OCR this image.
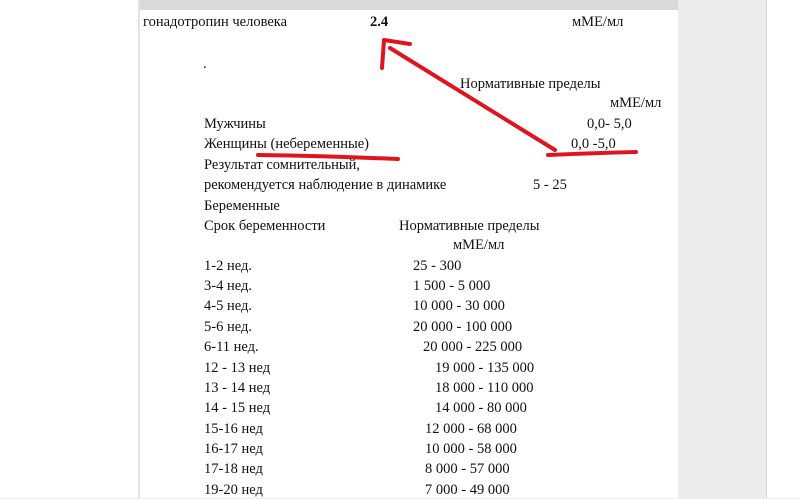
гонадотропин человека	2.4	мМЕ/мл
.
Нормативные пределы
мМЕ/мл
Мужчины	0,0- 5,0
Женщины (небеременные)	0,0 -5,0
Результат сомнительный,
рекомендуется наблюдение в динамике	5 - 25
Беременные
Срок беременности	Нормативные пределы
мМЕ/мл
1-2 нед.	25 - 300
3-4 нед.	1 500 - 5 000
4-5 нед.	10 000 - 30 000
5-6 нед.	20 000 - 100 000
6-11 нед.	20 000 - 225 000
12 - 13 нед	19 000 - 135 000
13 - 14 нед	18 000 - 110 000
14 - 15 нед	14 000 - 80 000
15-16 нед	12 000 - 68 000
16-17 нед	10 000 - 58 000
17-18 нед	8 000 - 57 000
19-20 нед	7 000 - 49 000
